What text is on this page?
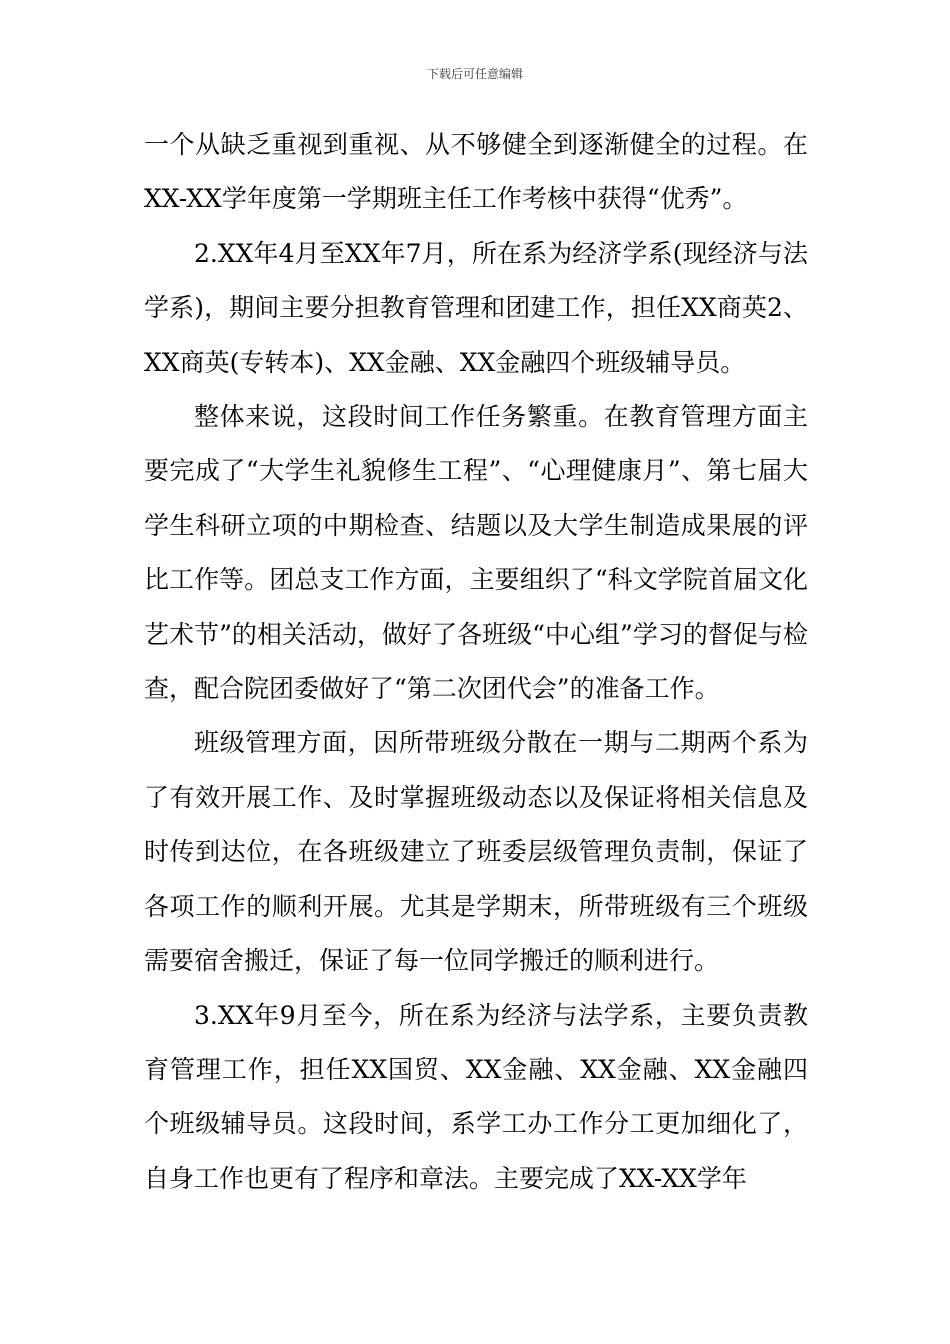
下载后可任意编辑

一个从缺乏重视到重视、从不够健全到逐渐健全的过程。在XX-XX学年度第一学期班主任工作考核中获得“优秀”。

2.XX年4月至XX年7月，所在系为经济学系(现经济与法学系)，期间主要分担教育管理和团建工作，担任XX商英2、XX商英(专转本)、XX金融、XX金融四个班级辅导员。

整体来说，这段时间工作任务繁重。在教育管理方面主要完成了“大学生礼貌修生工程”、“心理健康月”、第七届大学生科研立项的中期检查、结题以及大学生制造成果展的评比工作等。团总支工作方面，主要组织了“科文学院首届文化艺术节”的相关活动，做好了各班级“中心组”学习的督促与检查，配合院团委做好了“第二次团代会”的准备工作。

班级管理方面，因所带班级分散在一期与二期两个系为了有效开展工作、及时掌握班级动态以及保证将相关信息及时传到达位，在各班级建立了班委层级管理负责制，保证了各项工作的顺利开展。尤其是学期末，所带班级有三个班级需要宿舍搬迁，保证了每一位同学搬迁的顺利进行。

3.XX年9月至今，所在系为经济与法学系，主要负责教育管理工作，担任XX国贸、XX金融、XX金融、XX金融四个班级辅导员。这段时间，系学工办工作分工更加细化了，自身工作也更有了程序和章法。主要完成了XX-XX学年
